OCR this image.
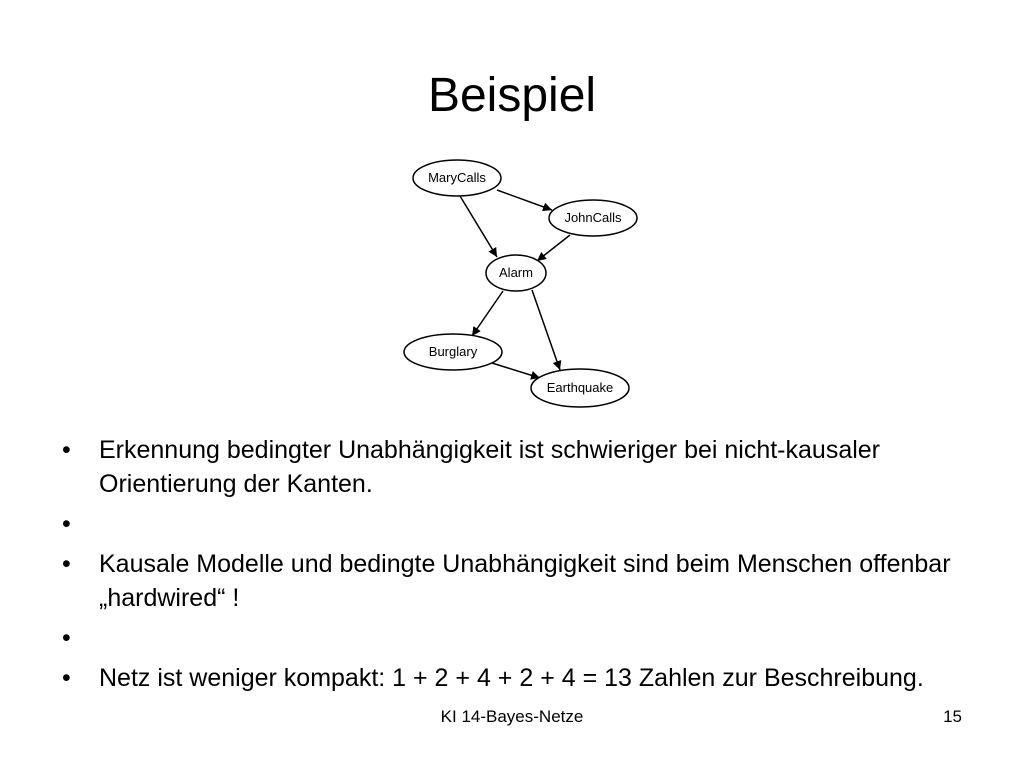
Beispiel
MaryCalls
JohnCalls
Alarm
Burglary
Earthquake
• Erkennung bedingter Unabhängigkeit ist schwieriger bei nicht-kausaler Orientierung der Kanten.
•
• Kausale Modelle und bedingte Unabhängigkeit sind beim Menschen offenbar „hardwired“ !
•
• Netz ist weniger kompakt: 1 + 2 + 4 + 2 + 4 = 13 Zahlen zur Beschreibung.
KI 14-Bayes-Netze	15
